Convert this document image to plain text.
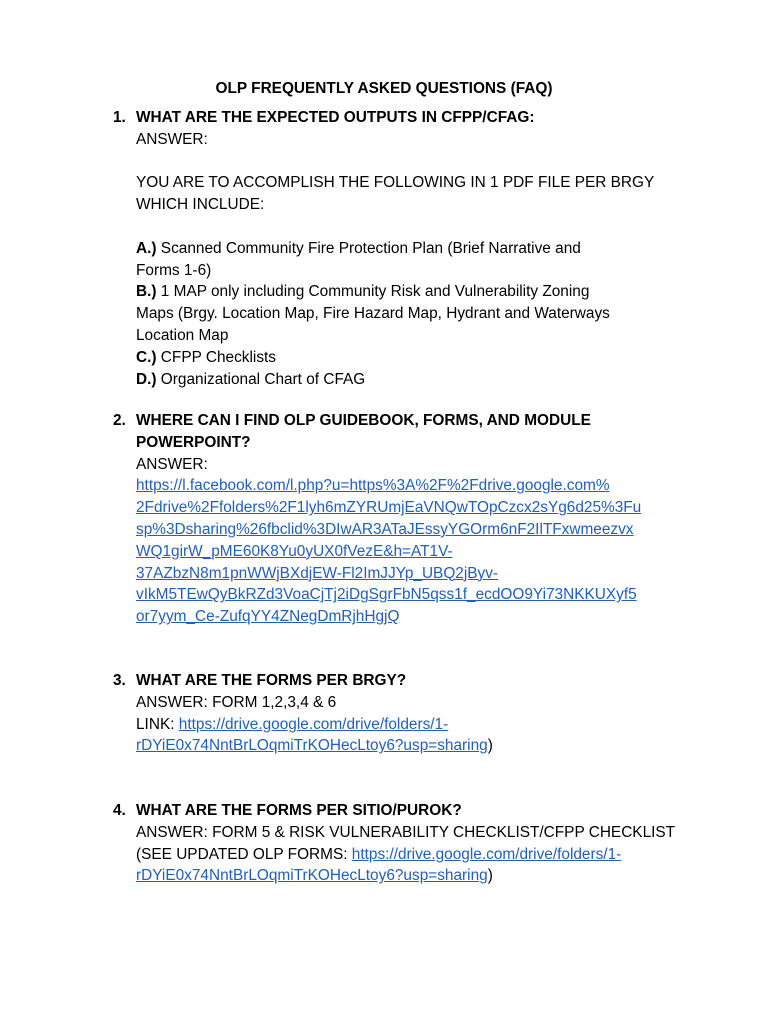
OLP FREQUENTLY ASKED QUESTIONS (FAQ)
1. WHAT ARE THE EXPECTED OUTPUTS IN CFPP/CFAG:
ANSWER:
YOU ARE TO ACCOMPLISH THE FOLLOWING IN 1 PDF FILE PER BRGY
WHICH INCLUDE:
A.) Scanned Community Fire Protection Plan (Brief Narrative and
Forms 1-6)
B.) 1 MAP only including Community Risk and Vulnerability Zoning
Maps (Brgy. Location Map, Fire Hazard Map, Hydrant and Waterways
Location Map
C.) CFPP Checklists
D.) Organizational Chart of CFAG
2. WHERE CAN I FIND OLP GUIDEBOOK, FORMS, AND MODULE
POWERPOINT?
ANSWER:
https://l.facebook.com/l.php?u=https%3A%2F%2Fdrive.google.com%
2Fdrive%2Ffolders%2F1lyh6mZYRUmjEaVNQwTOpCzcx2sYg6d25%3Fu
sp%3Dsharing%26fbclid%3DIwAR3ATaJEssyYGOrm6nF2IlTFxwmeezvx
WQ1girW_pME60K8Yu0yUX0fVezE&h=AT1V-
37AZbzN8m1pnWWjBXdjEW-Fl2ImJJYp_UBQ2jByv-
vIkM5TEwQyBkRZd3VoaCjTj2iDgSgrFbN5qss1f_ecdOO9Yi73NKKUXyf5
or7yym_Ce-ZufqYY4ZNegDmRjhHgjQ
3. WHAT ARE THE FORMS PER BRGY?
ANSWER: FORM 1,2,3,4 & 6
LINK: https://drive.google.com/drive/folders/1-
rDYiE0x74NntBrLOqmiTrKOHecLtoy6?usp=sharing)
4. WHAT ARE THE FORMS PER SITIO/PUROK?
ANSWER: FORM 5 & RISK VULNERABILITY CHECKLIST/CFPP CHECKLIST
(SEE UPDATED OLP FORMS: https://drive.google.com/drive/folders/1-
rDYiE0x74NntBrLOqmiTrKOHecLtoy6?usp=sharing)
